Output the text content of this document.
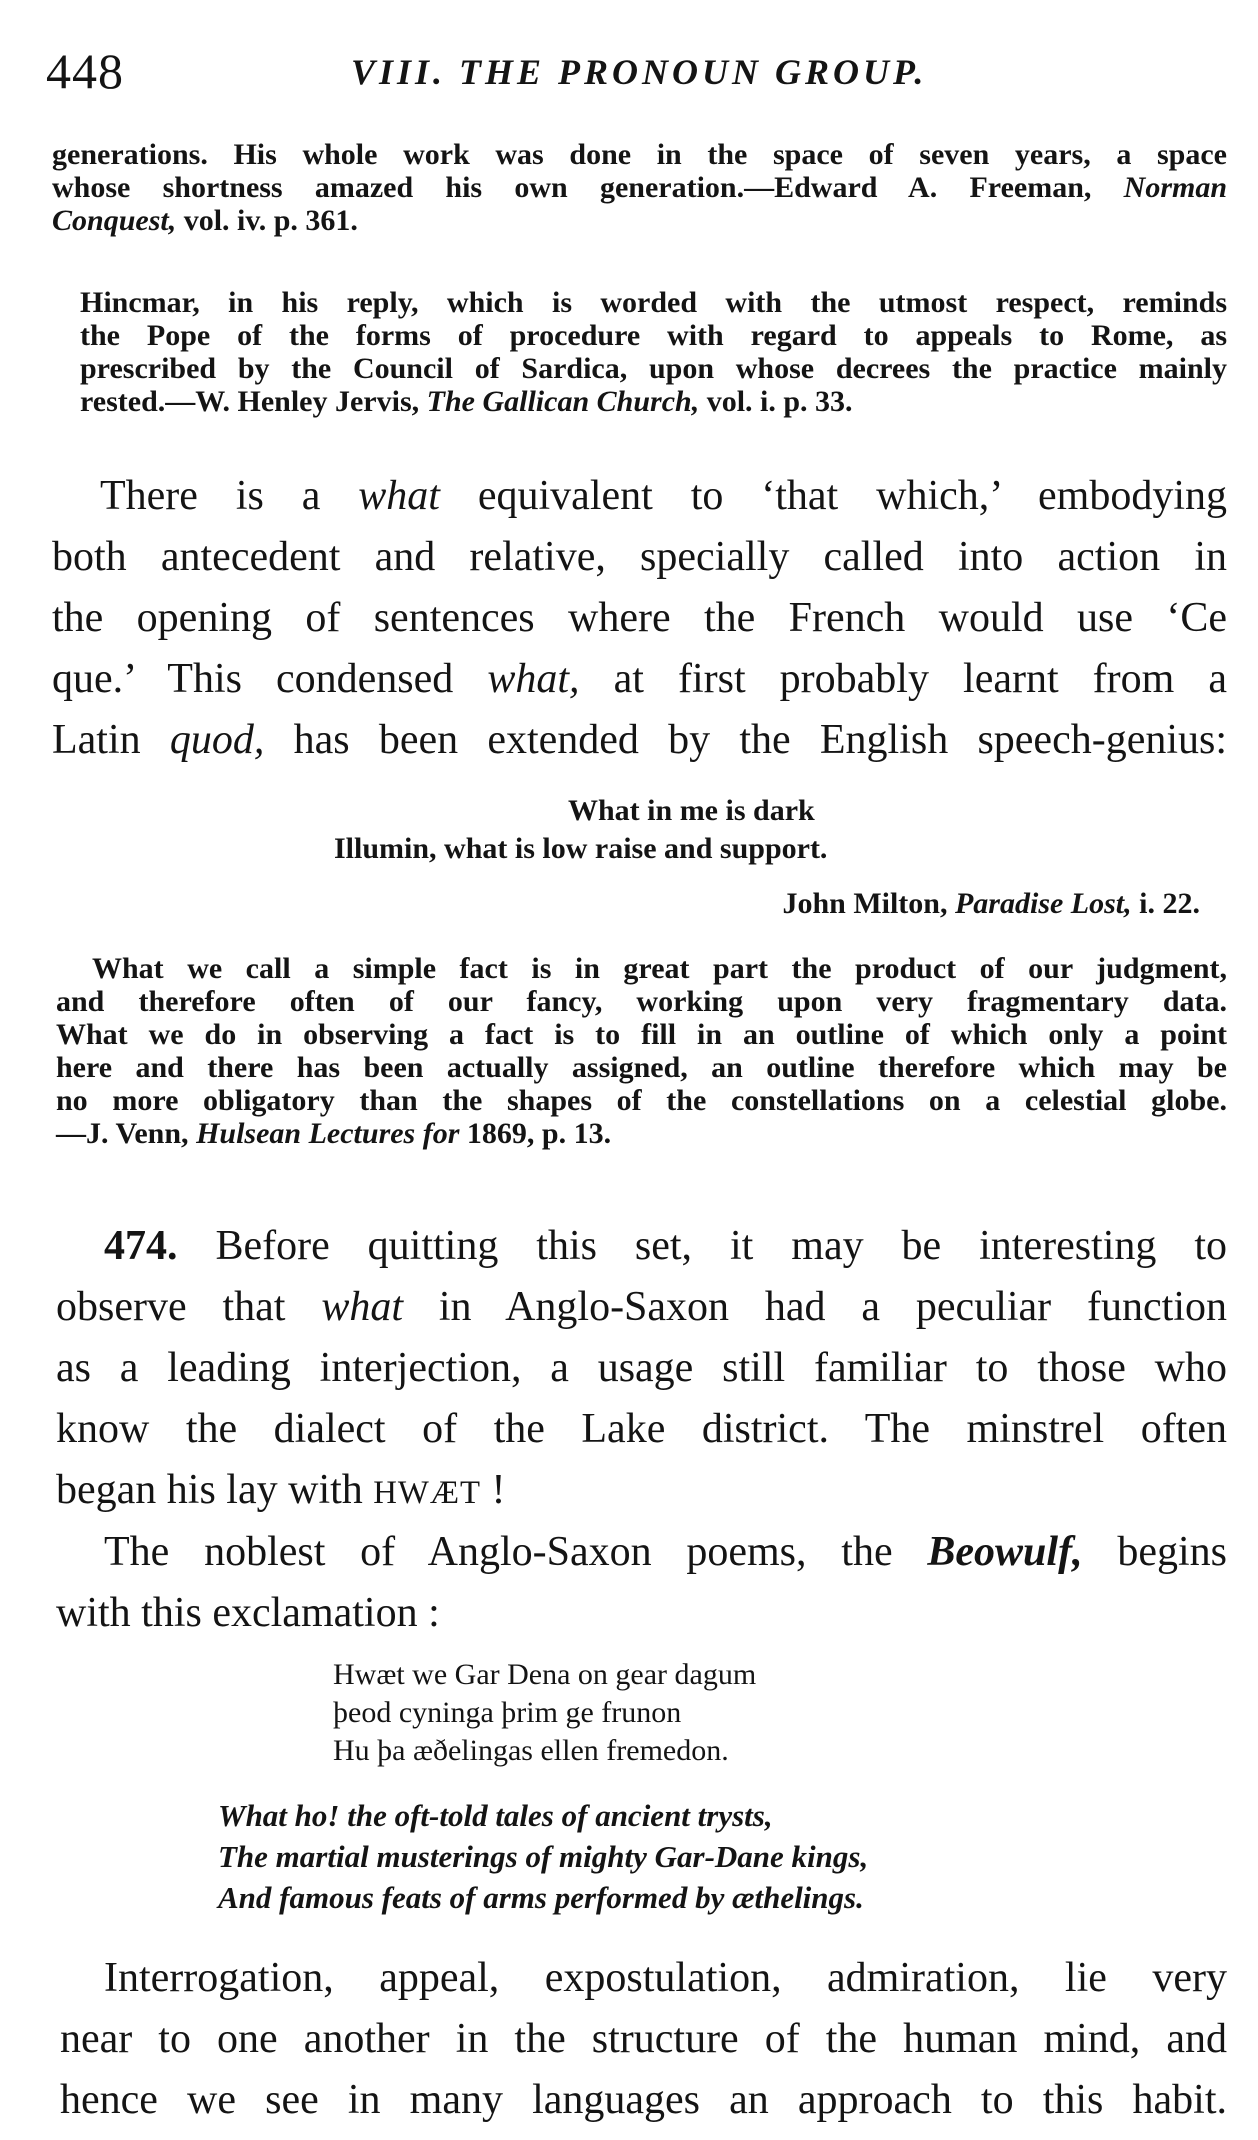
448	VIII. THE PRONOUN GROUP.
generations. His whole work was done in the space of seven years, a space
whose shortness amazed his own generation.—Edward A. Freeman, Norman
Conquest, vol. iv. p. 361.
Hincmar, in his reply, which is worded with the utmost respect, reminds
the Pope of the forms of procedure with regard to appeals to Rome, as
prescribed by the Council of Sardica, upon whose decrees the practice mainly
rested.—W. Henley Jervis, The Gallican Church, vol. i. p. 33.
There is a what equivalent to ‘that which,’ embodying
both antecedent and relative, specially called into action in
the opening of sentences where the French would use ‘Ce
que.’ This condensed what, at first probably learnt from a
Latin quod, has been extended by the English speech-genius:
What in me is dark
Illumin, what is low raise and support.
John Milton, Paradise Lost, i. 22.
What we call a simple fact is in great part the product of our judgment,
and therefore often of our fancy, working upon very fragmentary data.
What we do in observing a fact is to fill in an outline of which only a point
here and there has been actually assigned, an outline therefore which may be
no more obligatory than the shapes of the constellations on a celestial globe.
—J. Venn, Hulsean Lectures for 1869, p. 13.
474. Before quitting this set, it may be interesting to
observe that what in Anglo-Saxon had a peculiar function
as a leading interjection, a usage still familiar to those who
know the dialect of the Lake district. The minstrel often
began his lay with HWÆT !
The noblest of Anglo-Saxon poems, the Beowulf, begins
with this exclamation :
Hwæt we Gar Dena on gear dagum
þeod cyninga þrim ge frunon
Hu þa æðelingas ellen fremedon.
What ho! the oft-told tales of ancient trysts,
The martial musterings of mighty Gar-Dane kings,
And famous feats of arms performed by æthelings.
Interrogation, appeal, expostulation, admiration, lie very
near to one another in the structure of the human mind, and
hence we see in many languages an approach to this habit.
